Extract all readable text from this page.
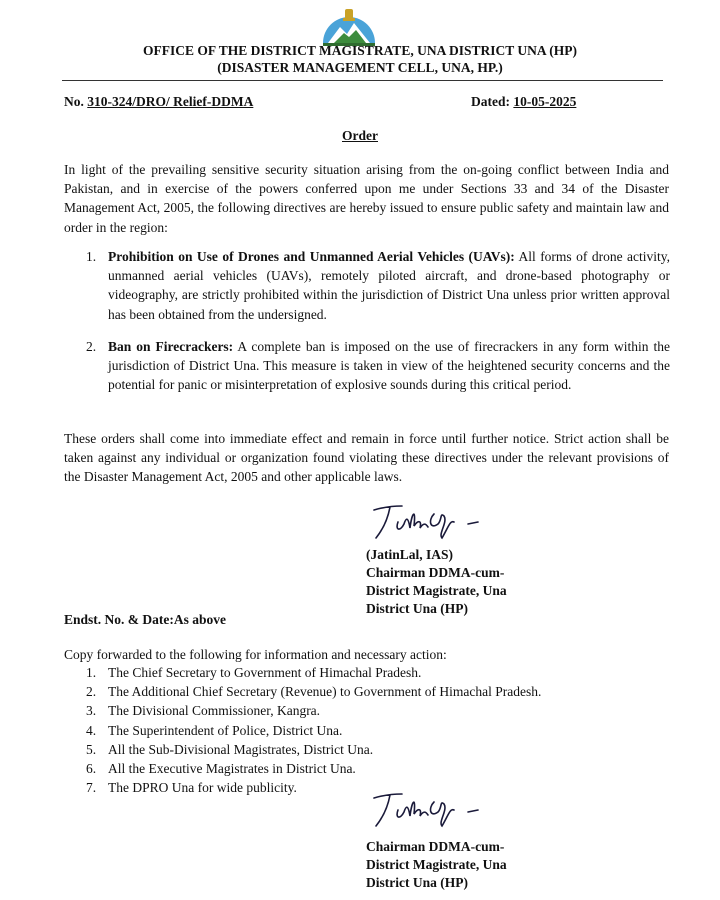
OFFICE OF THE DISTRICT MAGISTRATE, UNA DISTRICT UNA (HP)
(DISASTER MANAGEMENT CELL, UNA, HP.)
No. 310-324/DRO/ Relief-DDMA	Dated: 10-05-2025
Order

In light of the prevailing sensitive security situation arising from the on-going conflict between India and Pakistan, and in exercise of the powers conferred upon me under Sections 33 and 34 of the Disaster Management Act, 2005, the following directives are hereby issued to ensure public safety and maintain law and order in the region:

1. Prohibition on Use of Drones and Unmanned Aerial Vehicles (UAVs): All forms of drone activity, unmanned aerial vehicles (UAVs), remotely piloted aircraft, and drone-based photography or videography, are strictly prohibited within the jurisdiction of District Una unless prior written approval has been obtained from the undersigned.
2. Ban on Firecrackers: A complete ban is imposed on the use of firecrackers in any form within the jurisdiction of District Una. This measure is taken in view of the heightened security concerns and the potential for panic or misinterpretation of explosive sounds during this critical period.

These orders shall come into immediate effect and remain in force until further notice. Strict action shall be taken against any individual or organization found violating these directives under the relevant provisions of the Disaster Management Act, 2005 and other applicable laws.

(JatinLal, IAS)
Chairman DDMA-cum-
District Magistrate, Una
District Una (HP)
Endst. No. & Date:As above
Copy forwarded to the following for information and necessary action:
1. The Chief Secretary to Government of Himachal Pradesh.
2. The Additional Chief Secretary (Revenue) to Government of Himachal Pradesh.
3. The Divisional Commissioner, Kangra.
4. The Superintendent of Police, District Una.
5. All the Sub-Divisional Magistrates, District Una.
6. All the Executive Magistrates in District Una.
7. The DPRO Una for wide publicity.
Chairman DDMA-cum-
District Magistrate, Una
District Una (HP)
